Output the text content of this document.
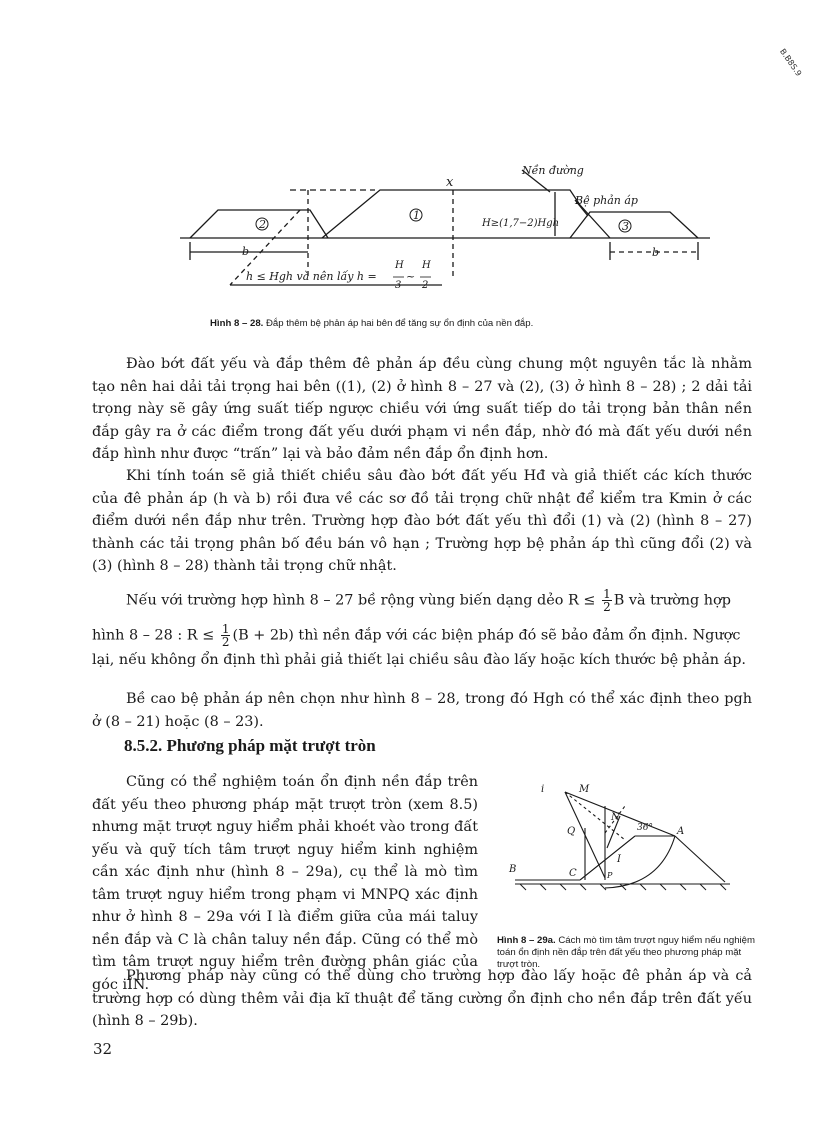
B.B8S.9
2
1
3
x
Nền đường
Bệ phản áp
H≥(1,7−2)Hgh
b	b
h ≤ Hgh và nên lấy h =
H
3
~
H
2
Hình 8 – 28. Đắp thêm bệ phản áp hai bên để tăng sự ổn định của nền đắp.

Đào bớt đất yếu và đắp thêm đê phản áp đều cùng chung một nguyên tắc là nhằm tạo nên hai dải tải trọng hai bên ((1), (2) ở hình 8 – 27 và (2), (3) ở hình 8 – 28) ; 2 dải tải trọng này sẽ gây ứng suất tiếp ngược chiều với ứng suất tiếp do tải trọng bản thân nền đắp gây ra ở các điểm trong đất yếu dưới phạm vi nền đắp, nhờ đó mà đất yếu dưới nền đắp hình như được “trấn” lại và bảo đảm nền đắp ổn định hơn.

Khi tính toán sẽ giả thiết chiều sâu đào bớt đất yếu Hđ và giả thiết các kích thước của đê phản áp (h và b) rồi đưa về các sơ đồ tải trọng chữ nhật để kiểm tra Kmin ở các điểm dưới nền đắp như trên. Trường hợp đào bớt đất yếu thì đổi (1) và (2) (hình 8 – 27) thành các tải trọng phân bố đều bán vô hạn ; Trường hợp bệ phản áp thì cũng đổi (2) và (3) (hình 8 – 28) thành tải trọng chữ nhật.

Nếu với trường hợp hình 8 – 27 bề rộng vùng biến dạng dẻo $R \le \frac{1}{2}$ B và trường hợp
hình 8 – 28 : $R \le \frac{1}{2} (B + 2b)$ thì nền đắp với các biện pháp đó sẽ bảo đảm ổn định. Ngược
lại, nếu không ổn định thì phải giả thiết lại chiều sâu đào lấy hoặc kích thước bệ phản áp.

Bề cao bệ phản áp nên chọn như hình 8 – 28, trong đó Hgh có thể xác định theo pgh ở (8 – 21) hoặc (8 – 23).

8.5.2. Phương pháp mặt trượt tròn

Cũng có thể nghiệm toán ổn định nền đắp trên đất yếu theo phương pháp mặt trượt tròn (xem 8.5) nhưng mặt trượt nguy hiểm phải khoét vào trong đất yếu và quỹ tích tâm trượt nguy hiểm kinh nghiệm cần xác định như (hình 8 – 29a), cụ thể là mò tìm tâm trượt nguy hiểm trong phạm vi MNPQ xác định như ở hình 8 – 29a với I là điểm giữa của mái taluy nền đắp và C là chân taluy nền đắp. Cũng có thể mò tìm tâm trượt nguy hiểm trên đường phân giác của góc iÎN.

i	M
N
Q	A
B	C
I
P
36°
Hình 8 – 29a. Cách mò tìm tâm trượt nguy hiểm nếu nghiệm toán ổn định nền đắp trên đất yếu theo phương pháp mặt trượt tròn.

Phương pháp này cũng có thể dùng cho trường hợp đào lấy hoặc đê phản áp và cả trường hợp có dùng thêm vải địa kĩ thuật để tăng cường ổn định cho nền đắp trên đất yếu (hình 8 – 29b).

32
